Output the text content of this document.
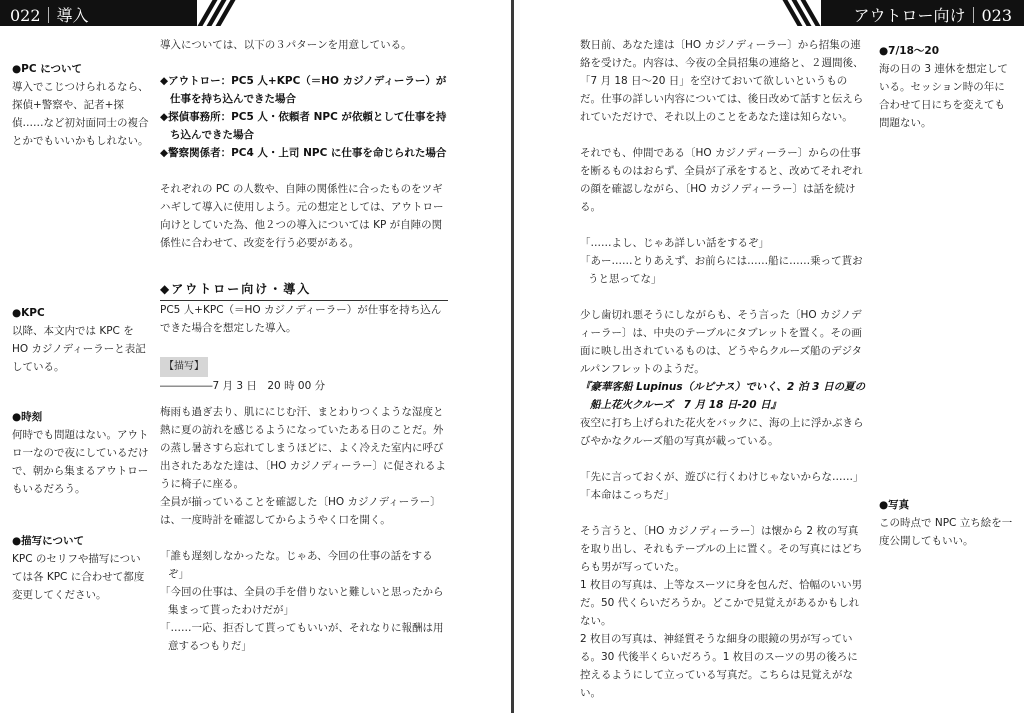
022｜導入
●PC について
導入でこじつけられるなら、探偵+警察や、記者+探偵……など初対面同士の複合とかでもいいかもしれない。
●KPC
以降、本文内では KPC を HO カジノディーラーと表記している。
●時刻
何時でも問題はない。アウトロ一なので夜にしているだけで、朝から集まるアウトローもいるだろう。
●描写について
KPC のセリフや描写については各 KPC に合わせて都度変更してください。

導入については、以下の３パターンを用意している。

◆アウトロー：PC5 人+KPC（＝HO カジノディーラー）が仕事を持ち込んできた場合

◆探偵事務所：PC5 人・依頼者 NPC が依頼として仕事を持ち込んできた場合

◆警察関係者：PC4 人・上司 NPC に仕事を命じられた場合

それぞれの PC の人数や、自陣の関係性に合ったものをツギハギして導入に使用しよう。元の想定としては、アウトロー向けとしていた為、他２つの導入については KP が自陣の関係性に合わせて、改変を行う必要がある。

◆アウトロー向け・導入

PC5 人+KPC（＝HO カジノディーラー）が仕事を持ち込んできた場合を想定した導入。

【描写】

―――――7 月 3 日　20 時 00 分

梅雨も過ぎ去り、肌ににじむ汗、まとわりつくような湿度と熱に夏の訪れを感じるようになっていたある日のことだ。外の蒸し暑さすら忘れてしまうほどに、よく冷えた室内に呼び出されたあなた達は、〔HO カジノディーラー〕に促されるように椅子に座る。

全員が揃っていることを確認した〔HO カジノディーラー〕は、一度時計を確認してからようやく口を開く。

「誰も遅刻しなかったな。じゃあ、今回の仕事の話をするぞ」

「今回の仕事は、全員の手を借りないと難しいと思ったから集まって貰ったわけだが」

「……一応、拒否して貰ってもいいが、それなりに報酬は用意するつもりだ」

アウトロー向け｜023

数日前、あなた達は〔HO カジノディーラー〕から招集の連絡を受けた。内容は、今夜の全員招集の連絡と、２週間後、「7 月 18 日〜20 日」を空けておいて欲しいというものだ。仕事の詳しい内容については、後日改めて話すと伝えられていただけで、それ以上のことをあなた達は知らない。

それでも、仲間である〔HO カジノディーラー〕からの仕事を断るものはおらず、全員が了承をすると、改めてそれぞれの顔を確認しながら、〔HO カジノディーラー〕は話を続ける。

「……よし、じゃあ詳しい話をするぞ」

「あー……とりあえず、お前らには……船に……乗って貰おうと思ってな」

少し歯切れ悪そうにしながらも、そう言った〔HO カジノディーラー〕は、中央のテーブルにタブレットを置く。その画面に映し出されているものは、どうやらクルーズ船のデジタルパンフレットのようだ。

『豪華客船 Lupinus（ルピナス）でいく、2 泊 3 日の夏の船上花火クルーズ　7 月 18 日-20 日』

夜空に打ち上げられた花火をバックに、海の上に浮かぶきらびやかなクルーズ船の写真が載っている。

「先に言っておくが、遊びに行くわけじゃないからな……」

「本命はこっちだ」

そう言うと、〔HO カジノディーラー〕は懐から 2 枚の写真を取り出し、それもテーブルの上に置く。その写真にはどちらも男が写っていた。

1 枚目の写真は、上等なスーツに身を包んだ、恰幅のいい男だ。50 代くらいだろうか。どこかで見覚えがあるかもしれない。

2 枚目の写真は、神経質そうな細身の眼鏡の男が写っている。30 代後半くらいだろう。1 枚目のスーツの男の後ろに控えるようにして立っている写真だ。こちらは見覚えがない。

●7/18〜20
海の日の 3 連休を想定している。セッション時の年に合わせて日にちを変えても問題ない。
●写真
この時点で NPC 立ち絵を一度公開してもいい。
